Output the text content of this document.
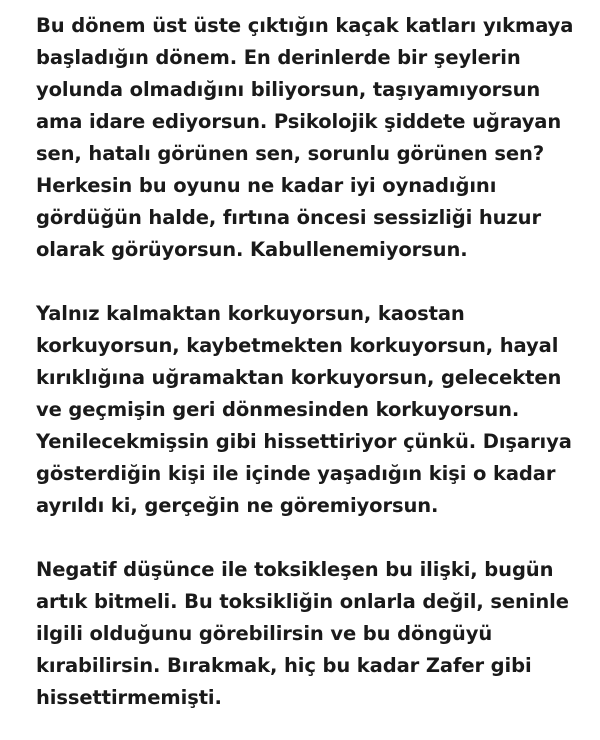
Bu dönem üst üste çıktığın kaçak katları yıkmaya
başladığın dönem. En derinlerde bir şeylerin
yolunda olmadığını biliyorsun, taşıyamıyorsun
ama idare ediyorsun. Psikolojik şiddete uğrayan
sen, hatalı görünen sen, sorunlu görünen sen?
Herkesin bu oyunu ne kadar iyi oynadığını
gördüğün halde, fırtına öncesi sessizliği huzur
olarak görüyorsun. Kabullenemiyorsun.

Yalnız kalmaktan korkuyorsun, kaostan
korkuyorsun, kaybetmekten korkuyorsun, hayal
kırıklığına uğramaktan korkuyorsun, gelecekten
ve geçmişin geri dönmesinden korkuyorsun.
Yenilecekmişsin gibi hissettiriyor çünkü. Dışarıya
gösterdiğin kişi ile içinde yaşadığın kişi o kadar
ayrıldı ki, gerçeğin ne göremiyorsun.

Negatif düşünce ile toksikleşen bu ilişki, bugün
artık bitmeli. Bu toksikliğin onlarla değil, seninle
ilgili olduğunu görebilirsin ve bu döngüyü
kırabilirsin. Bırakmak, hiç bu kadar Zafer gibi
hissettirmemişti.
